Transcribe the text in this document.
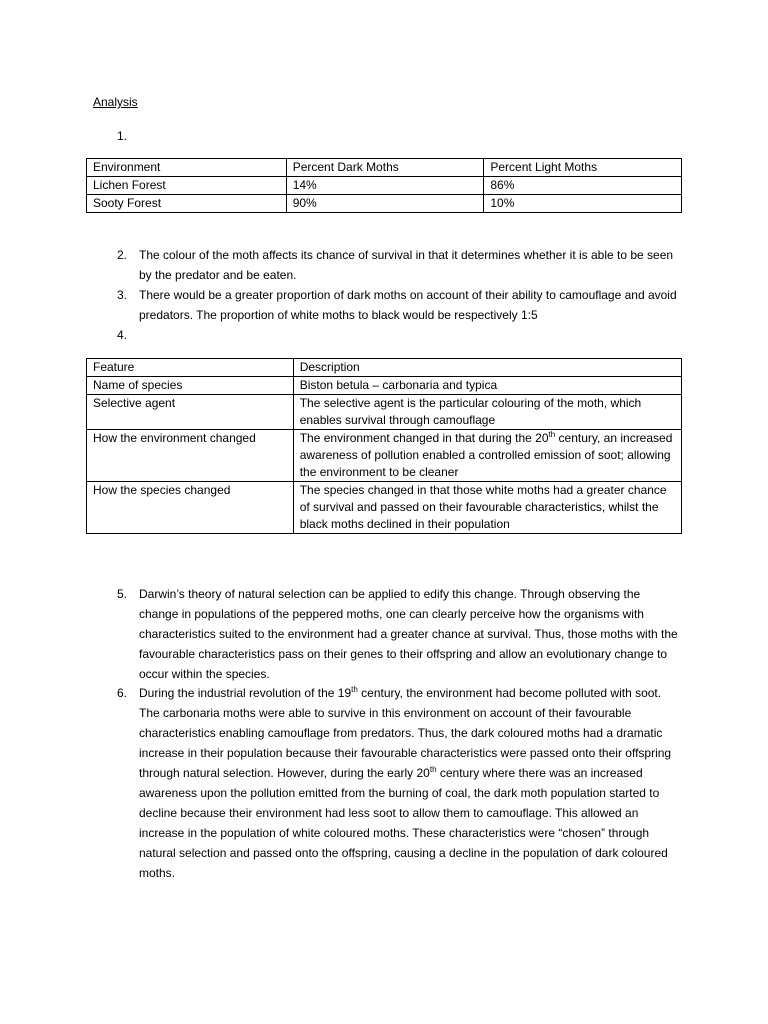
Analysis
1.
Environment	Percent Dark Moths	Percent Light Moths
Lichen Forest	14%	86%
Sooty Forest	90%	10%
2. The colour of the moth affects its chance of survival in that it determines whether it is able to be seen by the predator and be eaten.
3. There would be a greater proportion of dark moths on account of their ability to camouflage and avoid predators. The proportion of white moths to black would be respectively 1:5
4.
Feature	Description
Name of species	Biston betula – carbonaria and typica
Selective agent	The selective agent is the particular colouring of the moth, which enables survival through camouflage
How the environment changed	The environment changed in that during the 20th century, an increased awareness of pollution enabled a controlled emission of soot; allowing the environment to be cleaner
How the species changed	The species changed in that those white moths had a greater chance of survival and passed on their favourable characteristics, whilst the black moths declined in their population
5. Darwin’s theory of natural selection can be applied to edify this change. Through observing the change in populations of the peppered moths, one can clearly perceive how the organisms with characteristics suited to the environment had a greater chance at survival. Thus, those moths with the favourable characteristics pass on their genes to their offspring and allow an evolutionary change to occur within the species.
6. During the industrial revolution of the 19th century, the environment had become polluted with soot. The carbonaria moths were able to survive in this environment on account of their favourable characteristics enabling camouflage from predators. Thus, the dark coloured moths had a dramatic increase in their population because their favourable characteristics were passed onto their offspring through natural selection. However, during the early 20th century where there was an increased awareness upon the pollution emitted from the burning of coal, the dark moth population started to decline because their environment had less soot to allow them to camouflage. This allowed an increase in the population of white coloured moths. These characteristics were “chosen” through natural selection and passed onto the offspring, causing a decline in the population of dark coloured moths.
